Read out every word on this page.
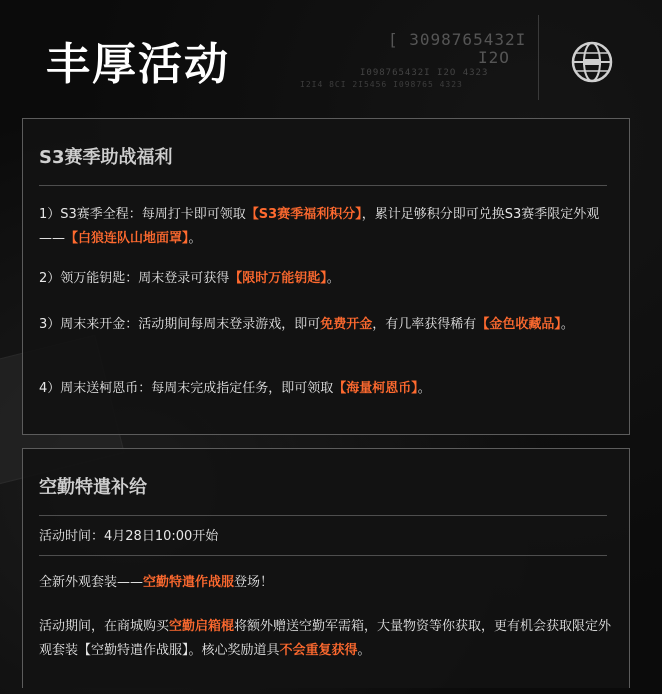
丰厚活动	[ 3098765432I
I2O
I098765432I I2O 4323
I2I4 8CI 2I5456 I098765 4323
S3赛季助战福利
1）S3赛季全程：每周打卡即可领取【S3赛季福利积分】，累计足够积分即可兑换S3赛季限定外观——【白狼连队山地面罩】。
2）领万能钥匙：周末登录可获得【限时万能钥匙】。
3）周末来开金：活动期间每周末登录游戏，即可免费开金，有几率获得稀有【金色收藏品】。
4）周末送柯恩币：每周末完成指定任务，即可领取【海量柯恩币】。
空勤特遣补给
活动时间：4月28日10:00开始
全新外观套装——空勤特遣作战服登场！
活动期间，在商城购买空勤启箱棍将额外赠送空勤军需箱，大量物资等你获取，更有机会获取限定外观套装【空勤特遣作战服】。核心奖励道具不会重复获得。
